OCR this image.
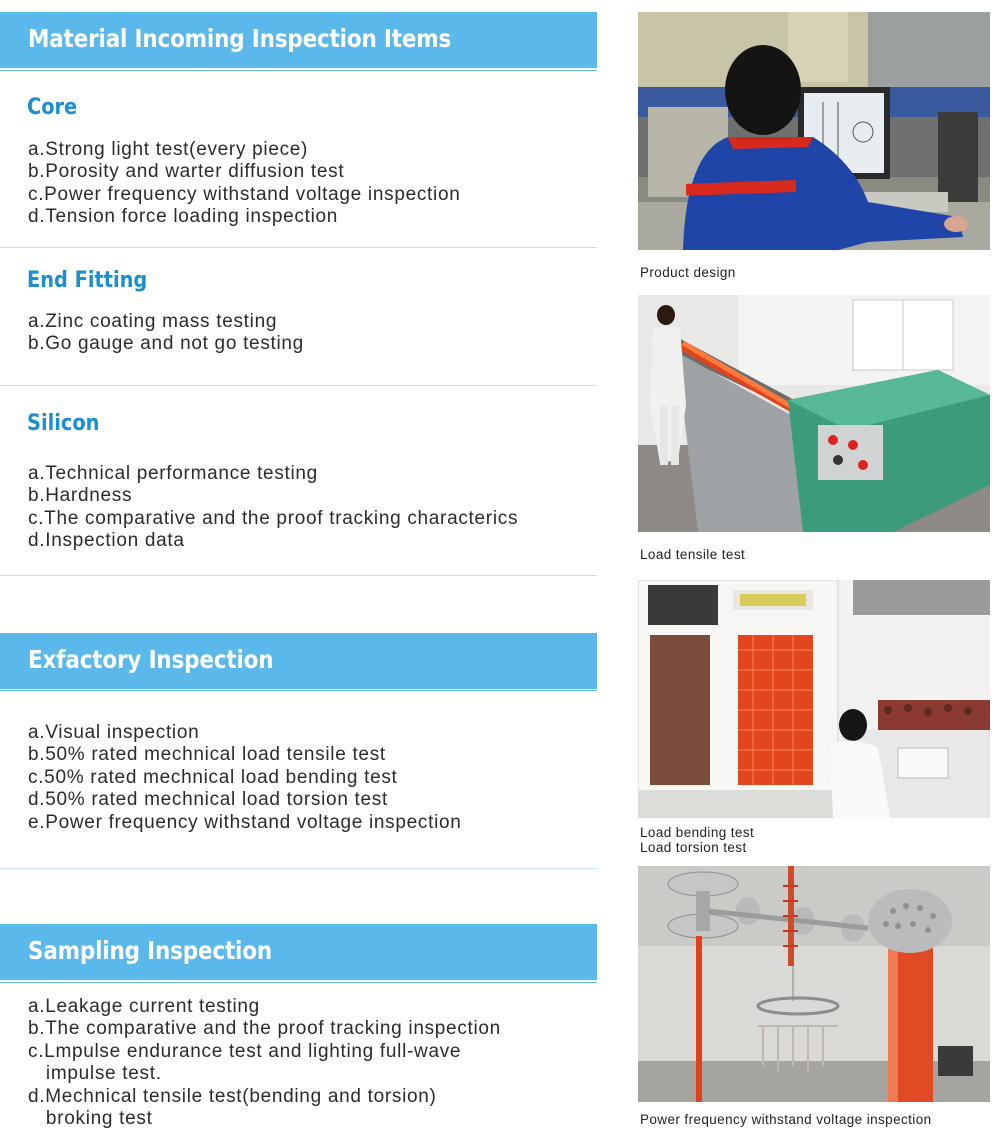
Material Incoming Inspection Items
Core
a.Strong light test(every piece)
b.Porosity and warter diffusion test
c.Power frequency withstand voltage inspection
d.Tension force loading inspection
End Fitting
a.Zinc coating mass testing
b.Go gauge and not go testing
Silicon
a.Technical performance testing
b.Hardness
c.The comparative and the proof tracking characterics
d.Inspection data
Exfactory Inspection
a.Visual inspection
b.50% rated mechnical load tensile test
c.50% rated mechnical load bending test
d.50% rated mechnical load torsion test
e.Power frequency withstand voltage inspection
Sampling Inspection
a.Leakage current testing
b.The comparative and the proof tracking inspection
c.Lmpulse endurance test and lighting full-wave
impulse test.
d.Mechnical tensile test(bending and torsion)
broking test
Product design
Load tensile test
Load bending test
Load torsion test
Power frequency withstand voltage inspection
